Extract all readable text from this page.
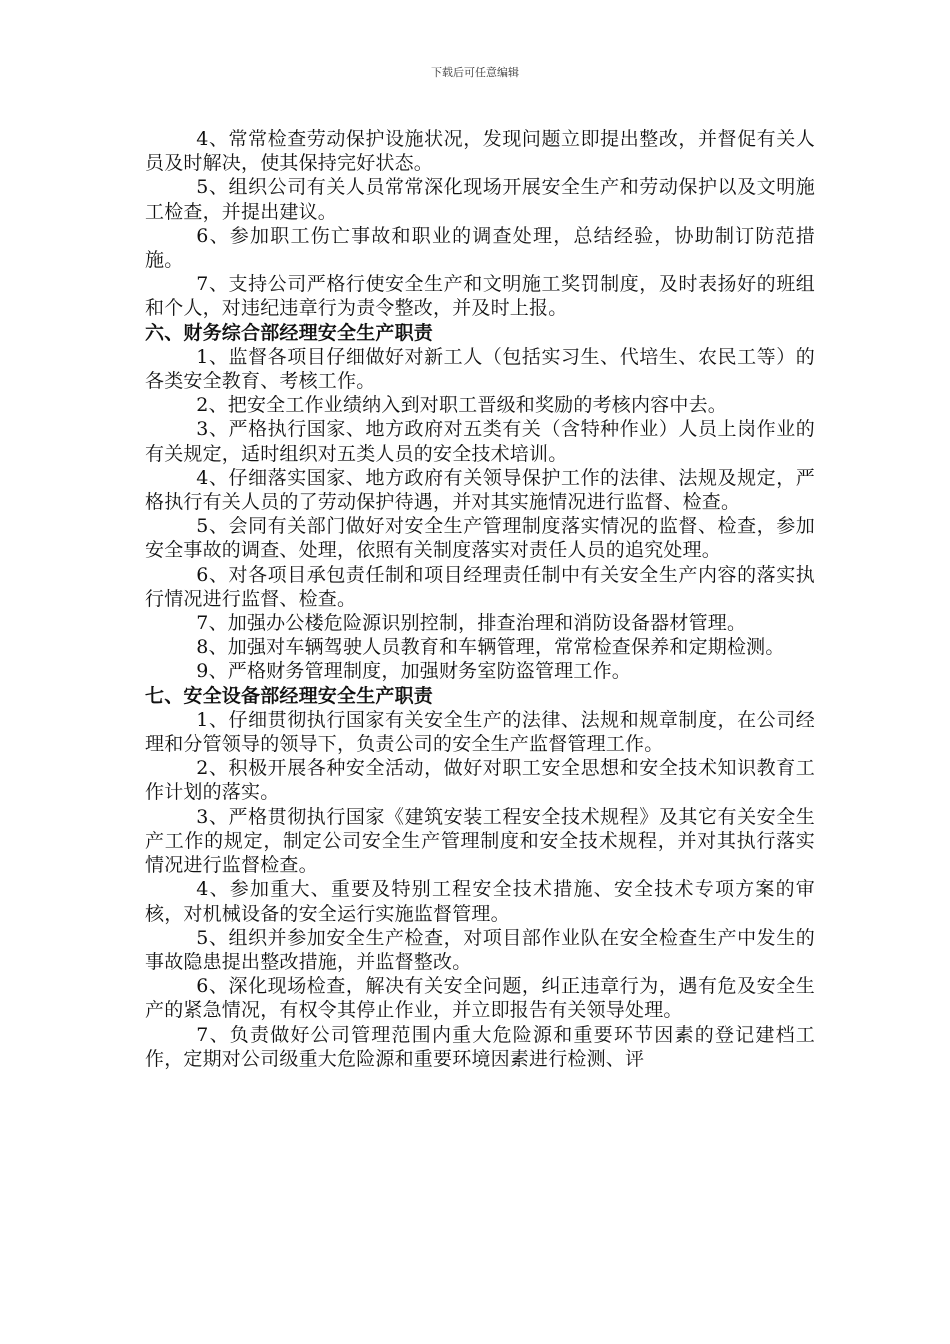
下载后可任意编辑

4、常常检查劳动保护设施状况，发现问题立即提出整改，并督促有关人员及时解决，使其保持完好状态。

5、组织公司有关人员常常深化现场开展安全生产和劳动保护以及文明施工检查，并提出建议。

6、参加职工伤亡事故和职业的调查处理，总结经验，协助制订防范措施。

7、支持公司严格行使安全生产和文明施工奖罚制度，及时表扬好的班组和个人，对违纪违章行为责令整改，并及时上报。

六、财务综合部经理安全生产职责

1、监督各项目仔细做好对新工人（包括实习生、代培生、农民工等）的各类安全教育、考核工作。

2、把安全工作业绩纳入到对职工晋级和奖励的考核内容中去。

3、严格执行国家、地方政府对五类有关（含特种作业）人员上岗作业的有关规定，适时组织对五类人员的安全技术培训。

4、仔细落实国家、地方政府有关领导保护工作的法律、法规及规定，严格执行有关人员的了劳动保护待遇，并对其实施情况进行监督、检查。

5、会同有关部门做好对安全生产管理制度落实情况的监督、检查，参加安全事故的调查、处理，依照有关制度落实对责任人员的追究处理。

6、对各项目承包责任制和项目经理责任制中有关安全生产内容的落实执行情况进行监督、检查。

7、加强办公楼危险源识别控制，排查治理和消防设备器材管理。

8、加强对车辆驾驶人员教育和车辆管理，常常检查保养和定期检测。

9、严格财务管理制度，加强财务室防盗管理工作。

七、安全设备部经理安全生产职责

1、仔细贯彻执行国家有关安全生产的法律、法规和规章制度，在公司经理和分管领导的领导下，负责公司的安全生产监督管理工作。

2、积极开展各种安全活动，做好对职工安全思想和安全技术知识教育工作计划的落实。

3、严格贯彻执行国家《建筑安装工程安全技术规程》及其它有关安全生产工作的规定，制定公司安全生产管理制度和安全技术规程，并对其执行落实情况进行监督检查。

4、参加重大、重要及特别工程安全技术措施、安全技术专项方案的审核，对机械设备的安全运行实施监督管理。

5、组织并参加安全生产检查，对项目部作业队在安全检查生产中发生的事故隐患提出整改措施，并监督整改。

6、深化现场检查，解决有关安全问题，纠正违章行为，遇有危及安全生产的紧急情况，有权令其停止作业，并立即报告有关领导处理。

7、负责做好公司管理范围内重大危险源和重要环节因素的登记建档工作，定期对公司级重大危险源和重要环境因素进行检测、评
